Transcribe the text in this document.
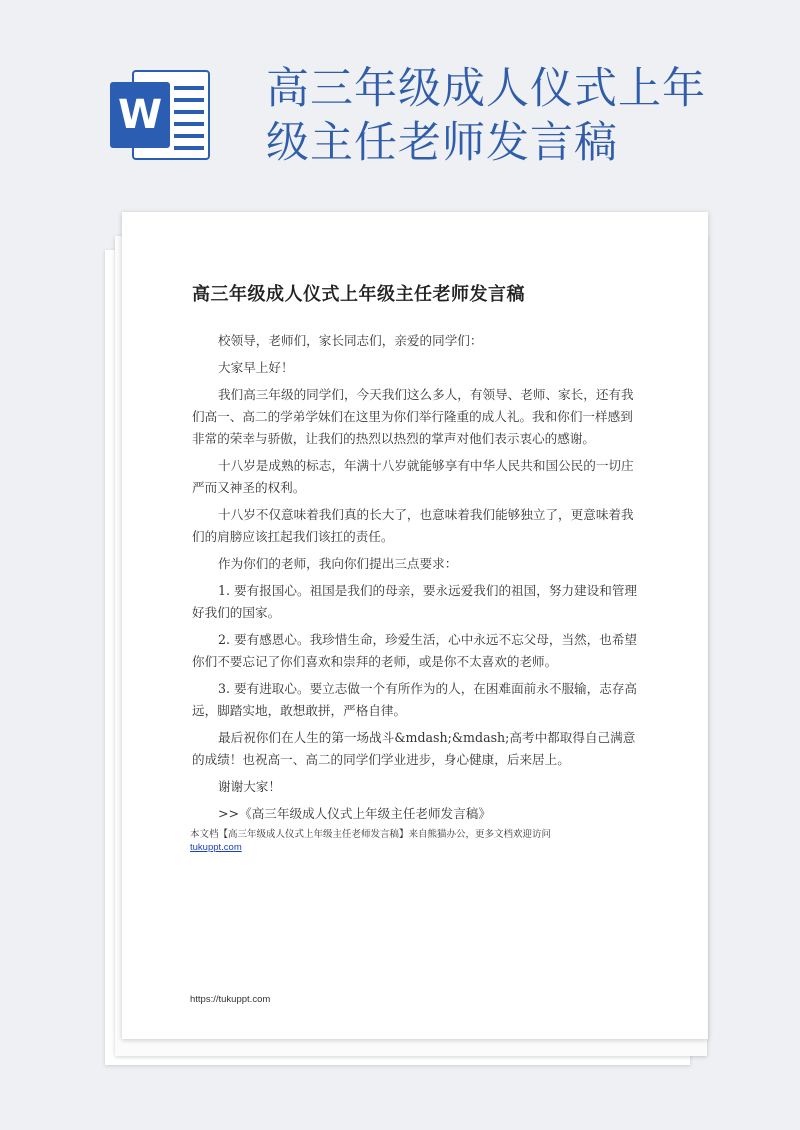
W
高三年级成人仪式上年
级主任老师发言稿
高三年级成人仪式上年级主任老师发言稿

校领导，老师们，家长同志们，亲爱的同学们：

大家早上好！

我们高三年级的同学们，今天我们这么多人，有领导、老师、家长，还有我们高一、高二的学弟学妹们在这里为你们举行隆重的成人礼。我和你们一样感到非常的荣幸与骄傲，让我们的热烈以热烈的掌声对他们表示衷心的感谢。

十八岁是成熟的标志，年满十八岁就能够享有中华人民共和国公民的一切庄严而又神圣的权利。

十八岁不仅意味着我们真的长大了，也意味着我们能够独立了，更意味着我们的肩膀应该扛起我们该扛的责任。

作为你们的老师，我向你们提出三点要求：

1. 要有报国心。祖国是我们的母亲，要永远爱我们的祖国，努力建设和管理好我们的国家。

2. 要有感恩心。我珍惜生命，珍爱生活，心中永远不忘父母，当然，也希望你们不要忘记了你们喜欢和崇拜的老师，或是你不太喜欢的老师。

3. 要有进取心。要立志做一个有所作为的人，在困难面前永不服输，志存高远，脚踏实地，敢想敢拼，严格自律。

最后祝你们在人生的第一场战斗&mdash;&mdash;高考中都取得自己满意的成绩！也祝高一、高二的同学们学业进步，身心健康，后来居上。

谢谢大家！

>>《高三年级成人仪式上年级主任老师发言稿》

本文档【高三年级成人仪式上年级主任老师发言稿】来自熊猫办公，更多文档欢迎访问
tukuppt.com
https://tukuppt.com
